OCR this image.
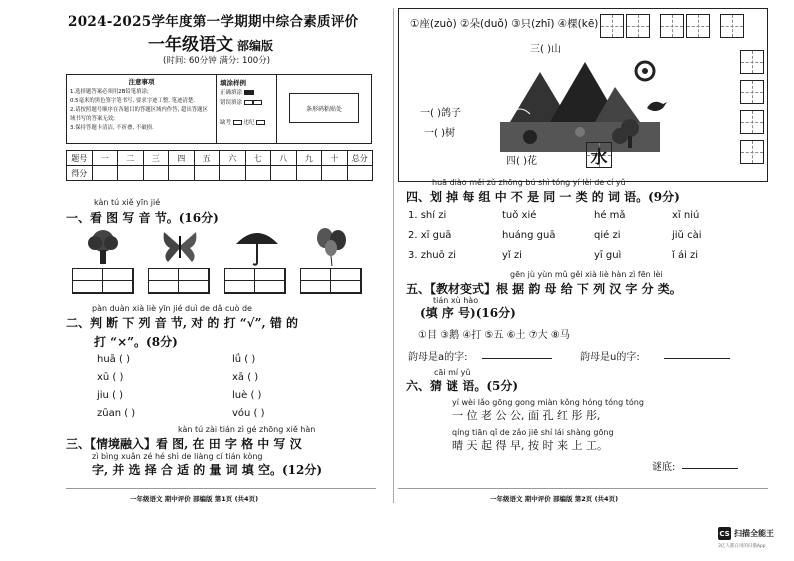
2024-2025学年度第一学期期中综合素质评价
一年级语文 部编版
(时间: 60分钟 满分: 100分)
注意事项
1.选择题答案必须用2B铅笔填涂;
0.5毫米的黑色签字笔书写, 要求字迹工整, 笔迹清楚.
2.请按照题号顺序在各题目的答题区域内作答, 超出答题区
域书写的答案无效;
3.保持答题卡清洁, 不折叠, 不破损.
填涂样例
正确填涂
错误填涂
缺考 违纪
条形码粘贴处
题号	一	二	三	四	五	六	七	八	九	十	总分
得分											
kàn tú xiě yīn jié
一、看 图 写 音 节。(16分)
pàn duàn xià liè yīn jié duì de dǎ cuò de
二、判 断 下 列 音 节, 对 的 打 “√”, 错 的
打 “×”。(8分)
huā ( )	lǘ ( )
xū ( )	xā ( )
jiu ( )	luè ( )
zūan ( )	vóu ( )
kàn tú zài tián zì gé zhōng xiě hàn
三、【情境融入】看 图, 在 田 字 格 中 写 汉
zì bìng xuǎn zé hé shì de liàng cí tián kòng
字, 并 选 择 合 适 的 量 词 填 空。(12分)
一年级语文 期中评价 部编版 第1页 (共4页)
①座(zuò) ②朵(duǒ) ③只(zhī) ④棵(kē)
三( )山
一( )鸽子
一( )树
四( )花	水
huā diào měi zǔ zhōng bú shì tóng yí lèi de cí yǔ
四、划 掉 每 组 中 不 是 同 一 类 的 词 语。(9分)
1. shí zi	tuǒ xié	hé mǎ	xī niú
2. xī guā	huáng guā	qié zi	jiǔ cài
3. zhuō zi	yǐ zi	yī guì	ǐ ái zi
gēn jù yùn mǔ gěi xià liè hàn zì fēn lèi
五、【教材变式】根 据 韵 母 给 下 列 汉 字 分 类。
tián xù hào
(填 序 号)(16分)
①目 ③鹅 ④打 ⑤五 ⑥土 ⑦大 ⑧马
韵母是a的字:	韵母是u的字:
cāi mí yǔ
六、猜 谜 语。(5分)
yí wèi lǎo gōng gong miàn kǒng hóng tóng tóng
一 位 老 公 公, 面 孔 红 彤 彤,
qíng tiān qǐ de zǎo jiē shí lái shàng gōng
晴 天 起 得 早, 按 时 来 上 工。
谜底:
一年级语文 期中评价 部编版 第2页 (共4页)
CS 扫描全能王
3亿人都在用的扫描App
